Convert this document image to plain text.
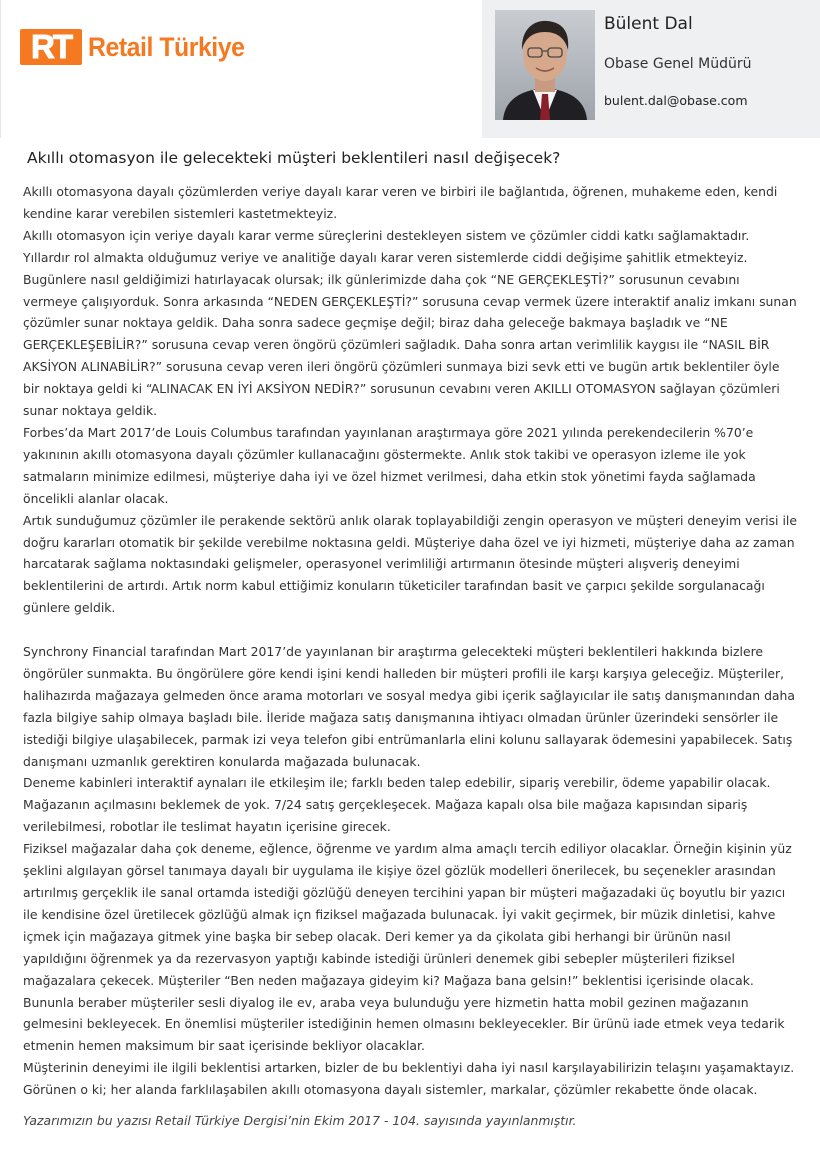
RT Retail Türkiye
Bülent Dal
Obase Genel Müdürü
bulent.dal@obase.com
Akıllı otomasyon ile gelecekteki müşteri beklentileri nasıl değişecek?

Akıllı otomasyona dayalı çözümlerden veriye dayalı karar veren ve birbiri ile bağlantıda, öğrenen, muhakeme eden, kendi kendine karar verebilen sistemleri kastetmekteyiz.

Akıllı otomasyon için veriye dayalı karar verme süreçlerini destekleyen sistem ve çözümler ciddi katkı sağlamaktadır. Yıllardır rol almakta olduğumuz veriye ve analitiğe dayalı karar veren sistemlerde ciddi değişime şahitlik etmekteyiz. Bugünlere nasıl geldiğimizi hatırlayacak olursak; ilk günlerimizde daha çok “NE GERÇEKLEŞTİ?” sorusunun cevabını vermeye çalışıyorduk. Sonra arkasında “NEDEN GERÇEKLEŞTİ?” sorusuna cevap vermek üzere interaktif analiz imkanı sunan çözümler sunar noktaya geldik. Daha sonra sadece geçmişe değil; biraz daha geleceğe bakmaya başladık ve “NE GERÇEKLEŞEBİLİR?” sorusuna cevap veren öngörü çözümleri sağladık. Daha sonra artan verimlilik kaygısı ile “NASIL BİR AKSİYON ALINABİLİR?” sorusuna cevap veren ileri öngörü çözümleri sunmaya bizi sevk etti ve bugün artık beklentiler öyle bir noktaya geldi ki “ALINACAK EN İYİ AKSİYON NEDİR?” sorusunun cevabını veren AKILLI OTOMASYON sağlayan çözümleri sunar noktaya geldik.

Forbes’da Mart 2017’de Louis Columbus tarafından yayınlanan araştırmaya göre 2021 yılında perekendecilerin %70’e yakınının akıllı otomasyona dayalı çözümler kullanacağını göstermekte. Anlık stok takibi ve operasyon izleme ile yok satmaların minimize edilmesi, müşteriye daha iyi ve özel hizmet verilmesi, daha etkin stok yönetimi fayda sağlamada öncelikli alanlar olacak.

Artık sunduğumuz çözümler ile perakende sektörü anlık olarak toplayabildiği zengin operasyon ve müşteri deneyim verisi ile doğru kararları otomatik bir şekilde verebilme noktasına geldi. Müşteriye daha özel ve iyi hizmeti, müşteriye daha az zaman harcatarak sağlama noktasındaki gelişmeler, operasyonel verimliliği artırmanın ötesinde müşteri alışveriş deneyimi beklentilerini de artırdı. Artık norm kabul ettiğimiz konuların tüketiciler tarafından basit ve çarpıcı şekilde sorgulanacağı günlere geldik.

Synchrony Financial tarafından Mart 2017’de yayınlanan bir araştırma gelecekteki müşteri beklentileri hakkında bizlere öngörüler sunmakta. Bu öngörülere göre kendi işini kendi halleden bir müşteri profili ile karşı karşıya geleceğiz. Müşteriler, halihazırda mağazaya gelmeden önce arama motorları ve sosyal medya gibi içerik sağlayıcılar ile satış danışmanından daha fazla bilgiye sahip olmaya başladı bile. İleride mağaza satış danışmanına ihtiyacı olmadan ürünler üzerindeki sensörler ile istediği bilgiye ulaşabilecek, parmak izi veya telefon gibi entrümanlarla elini kolunu sallayarak ödemesini yapabilecek. Satış danışmanı uzmanlık gerektiren konularda mağazada bulunacak.

Deneme kabinleri interaktif aynaları ile etkileşim ile; farklı beden talep edebilir, sipariş verebilir, ödeme yapabilir olacak. Mağazanın açılmasını beklemek de yok. 7/24 satış gerçekleşecek. Mağaza kapalı olsa bile mağaza kapısından sipariş verilebilmesi, robotlar ile teslimat hayatın içerisine girecek.

Fiziksel mağazalar daha çok deneme, eğlence, öğrenme ve yardım alma amaçlı tercih ediliyor olacaklar. Örneğin kişinin yüz şeklini algılayan görsel tanımaya dayalı bir uygulama ile kişiye özel gözlük modelleri önerilecek, bu seçenekler arasından artırılmış gerçeklik ile sanal ortamda istediği gözlüğü deneyen tercihini yapan bir müşteri mağazadaki üç boyutlu bir yazıcı ile kendisine özel üretilecek gözlüğü almak içn fiziksel mağazada bulunacak. İyi vakit geçirmek, bir müzik dinletisi, kahve içmek için mağazaya gitmek yine başka bir sebep olacak. Deri kemer ya da çikolata gibi herhangi bir ürünün nasıl yapıldığını öğrenmek ya da rezervasyon yaptığı kabinde istediği ürünleri denemek gibi sebepler müşterileri fiziksel mağazalara çekecek. Müşteriler “Ben neden mağazaya gideyim ki? Mağaza bana gelsin!” beklentisi içerisinde olacak. Bununla beraber müşteriler sesli diyalog ile ev, araba veya bulunduğu yere hizmetin hatta mobil gezinen mağazanın gelmesini bekleyecek. En önemlisi müşteriler istediğinin hemen olmasını bekleyecekler. Bir ürünü iade etmek veya tedarik etmenin hemen maksimum bir saat içerisinde bekliyor olacaklar.

Müşterinin deneyimi ile ilgili beklentisi artarken, bizler de bu beklentiyi daha iyi nasıl karşılayabilirizin telaşını yaşamaktayız. Görünen o ki; her alanda farklılaşabilen akıllı otomasyona dayalı sistemler, markalar, çözümler rekabette önde olacak.

Yazarımızın bu yazısı Retail Türkiye Dergisi’nin Ekim 2017 - 104. sayısında yayınlanmıştır.
